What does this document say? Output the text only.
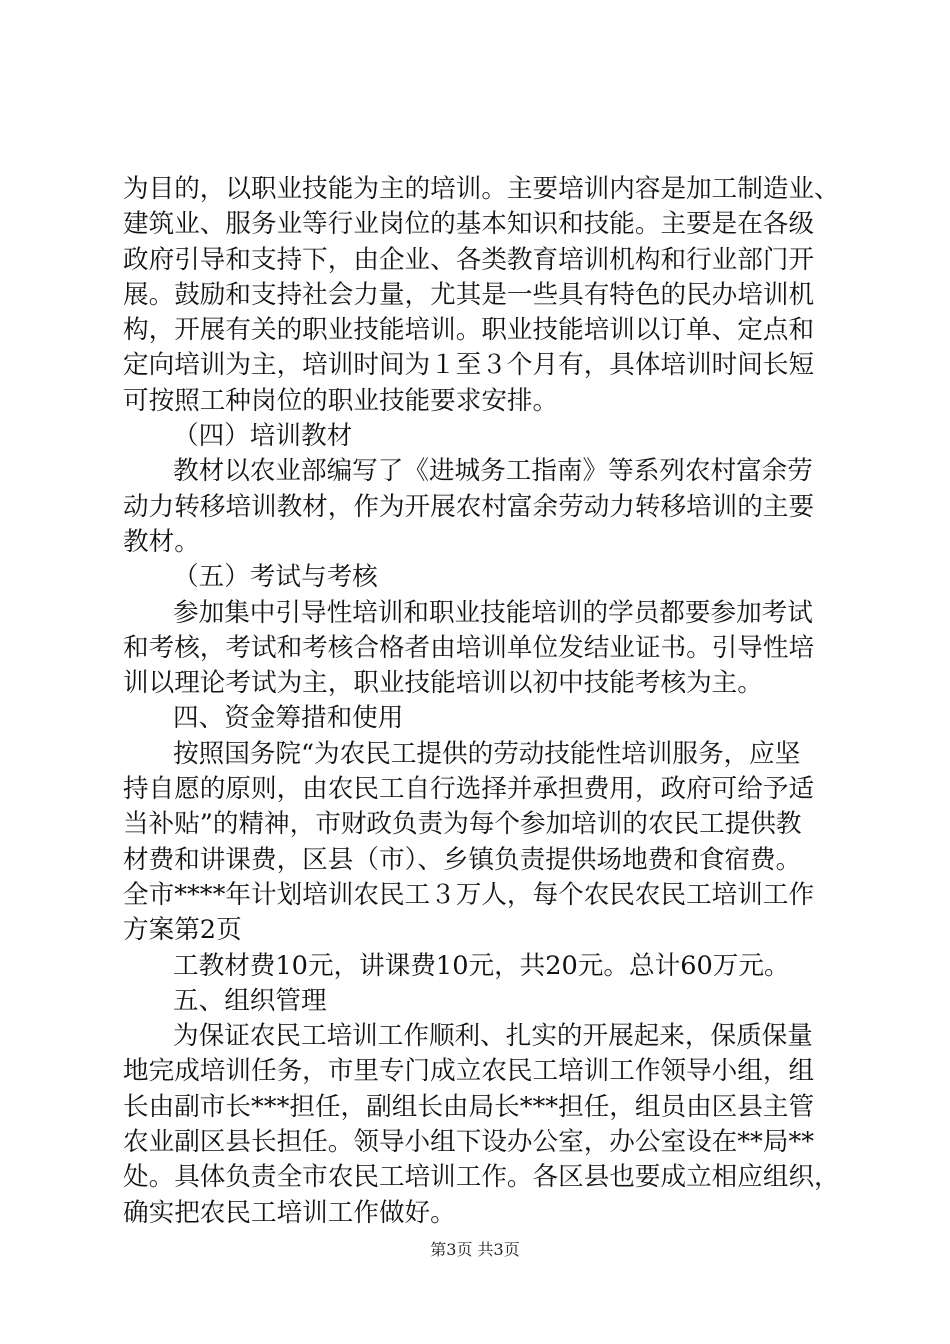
为目的，以职业技能为主的培训。主要培训内容是加工制造业、
建筑业、服务业等行业岗位的基本知识和技能。主要是在各级
政府引导和支持下，由企业、各类教育培训机构和行业部门开
展。鼓励和支持社会力量，尤其是一些具有特色的民办培训机
构，开展有关的职业技能培训。职业技能培训以订单、定点和
定向培训为主，培训时间为１至３个月有，具体培训时间长短
可按照工种岗位的职业技能要求安排。
（四）培训教材
教材以农业部编写了《进城务工指南》等系列农村富余劳
动力转移培训教材，作为开展农村富余劳动力转移培训的主要
教材。
（五）考试与考核
参加集中引导性培训和职业技能培训的学员都要参加考试
和考核，考试和考核合格者由培训单位发结业证书。引导性培
训以理论考试为主，职业技能培训以初中技能考核为主。
四、资金筹措和使用
按照国务院“为农民工提供的劳动技能性培训服务，应坚
持自愿的原则，由农民工自行选择并承担费用，政府可给予适
当补贴”的精神，市财政负责为每个参加培训的农民工提供教
材费和讲课费，区县（市）、乡镇负责提供场地费和食宿费。
全市****年计划培训农民工３万人，每个农民农民工培训工作
方案第2页
工教材费10元，讲课费10元，共20元。总计60万元。
五、组织管理
为保证农民工培训工作顺利、扎实的开展起来，保质保量
地完成培训任务，市里专门成立农民工培训工作领导小组，组
长由副市长***担任，副组长由局长***担任，组员由区县主管
农业副区县长担任。领导小组下设办公室，办公室设在**局**
处。具体负责全市农民工培训工作。各区县也要成立相应组织，
确实把农民工培训工作做好。
第3页 共3页
